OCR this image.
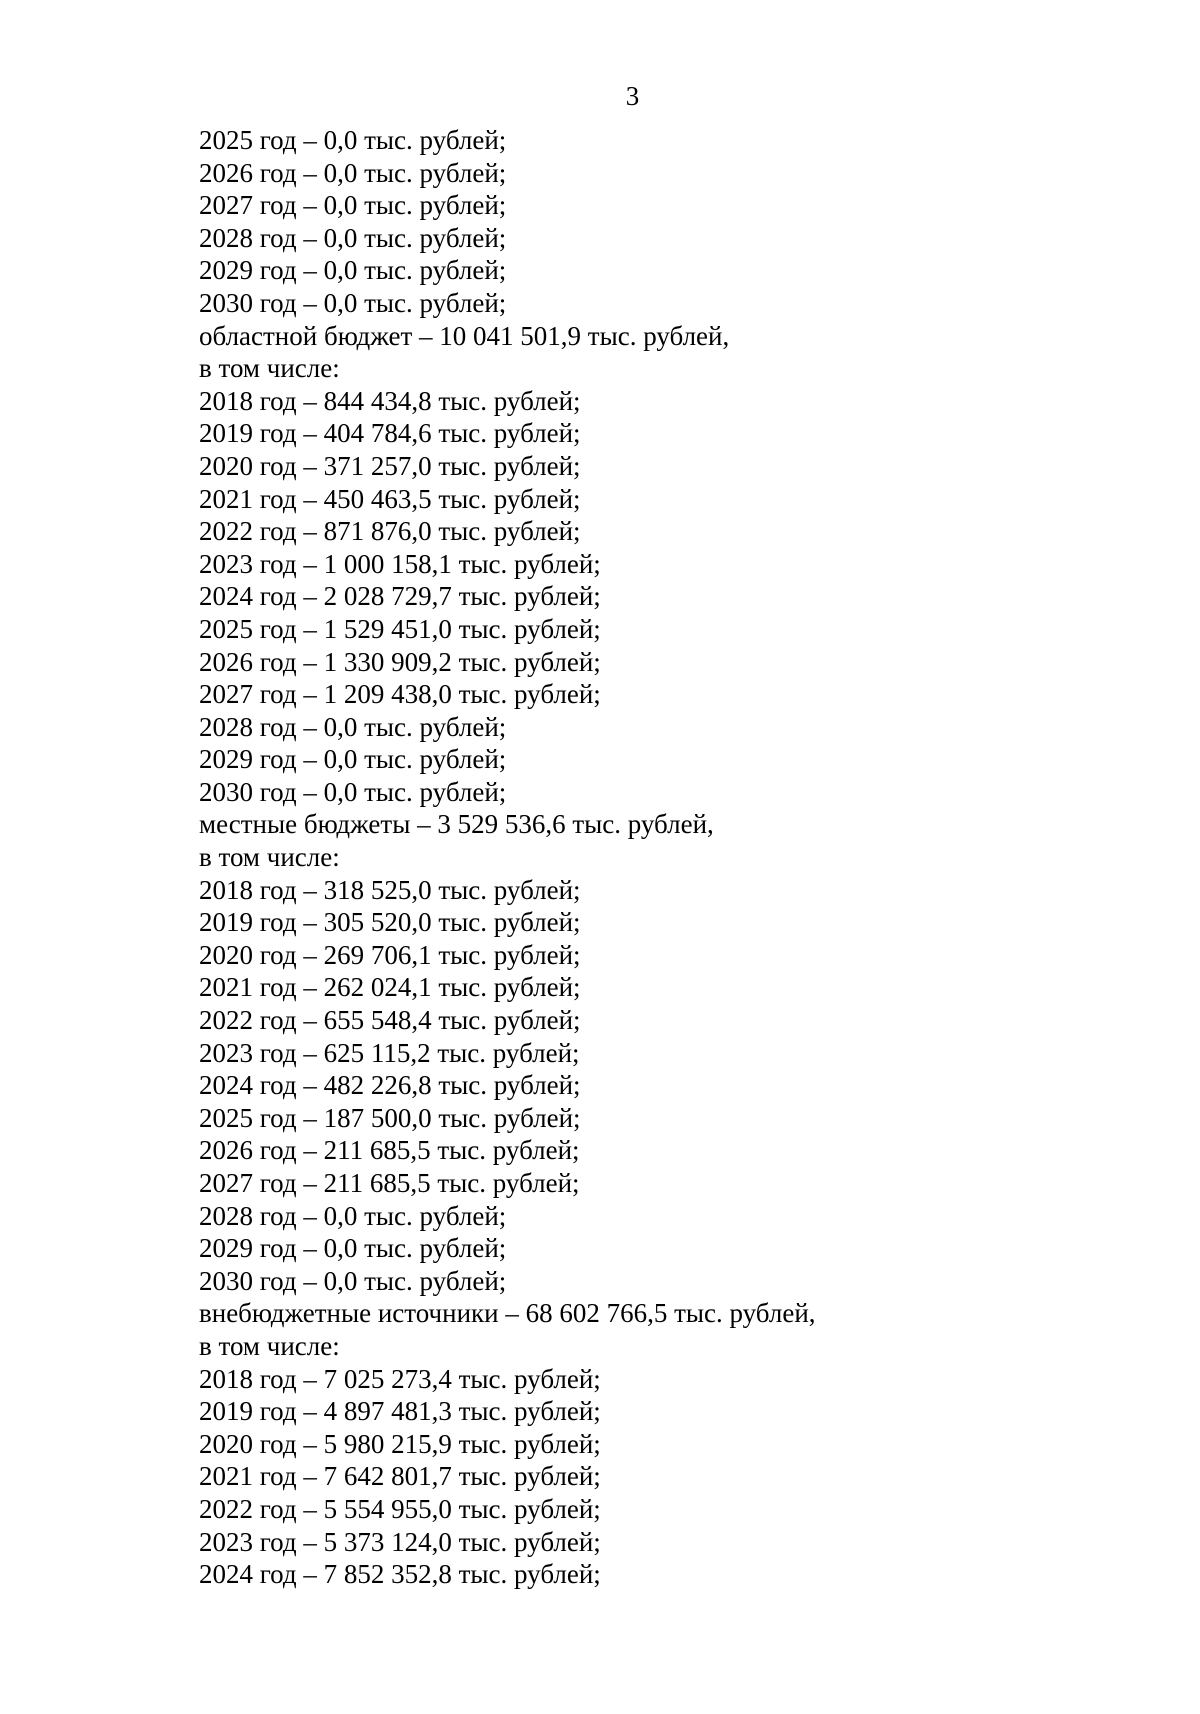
3
2025 год – 0,0 тыс. рублей;
2026 год – 0,0 тыс. рублей;
2027 год – 0,0 тыс. рублей;
2028 год – 0,0 тыс. рублей;
2029 год – 0,0 тыс. рублей;
2030 год – 0,0 тыс. рублей;
областной бюджет – 10 041 501,9 тыс. рублей,
в том числе:
2018 год – 844 434,8 тыс. рублей;
2019 год – 404 784,6 тыс. рублей;
2020 год – 371 257,0 тыс. рублей;
2021 год – 450 463,5 тыс. рублей;
2022 год – 871 876,0 тыс. рублей;
2023 год – 1 000 158,1 тыс. рублей;
2024 год – 2 028 729,7 тыс. рублей;
2025 год – 1 529 451,0 тыс. рублей;
2026 год – 1 330 909,2 тыс. рублей;
2027 год – 1 209 438,0 тыс. рублей;
2028 год – 0,0 тыс. рублей;
2029 год – 0,0 тыс. рублей;
2030 год – 0,0 тыс. рублей;
местные бюджеты – 3 529 536,6 тыс. рублей,
в том числе:
2018 год – 318 525,0 тыс. рублей;
2019 год – 305 520,0 тыс. рублей;
2020 год – 269 706,1 тыс. рублей;
2021 год – 262 024,1 тыс. рублей;
2022 год – 655 548,4 тыс. рублей;
2023 год – 625 115,2 тыс. рублей;
2024 год – 482 226,8 тыс. рублей;
2025 год – 187 500,0 тыс. рублей;
2026 год – 211 685,5 тыс. рублей;
2027 год – 211 685,5 тыс. рублей;
2028 год – 0,0 тыс. рублей;
2029 год – 0,0 тыс. рублей;
2030 год – 0,0 тыс. рублей;
внебюджетные источники – 68 602 766,5 тыс. рублей,
в том числе:
2018 год – 7 025 273,4 тыс. рублей;
2019 год – 4 897 481,3 тыс. рублей;
2020 год – 5 980 215,9 тыс. рублей;
2021 год – 7 642 801,7 тыс. рублей;
2022 год – 5 554 955,0 тыс. рублей;
2023 год – 5 373 124,0 тыс. рублей;
2024 год – 7 852 352,8 тыс. рублей;
